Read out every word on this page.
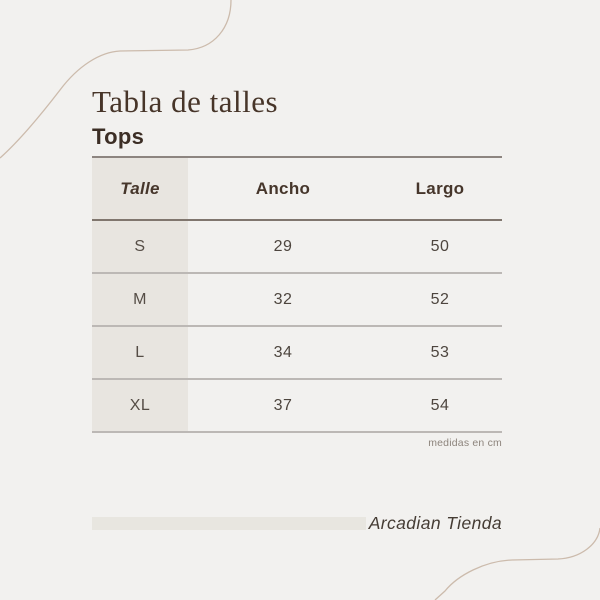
Tabla de talles
Tops
Talle	Ancho	Largo
S	29	50
M	32	52
L	34	53
XL	37	54
medidas en cm
Arcadian Tienda
